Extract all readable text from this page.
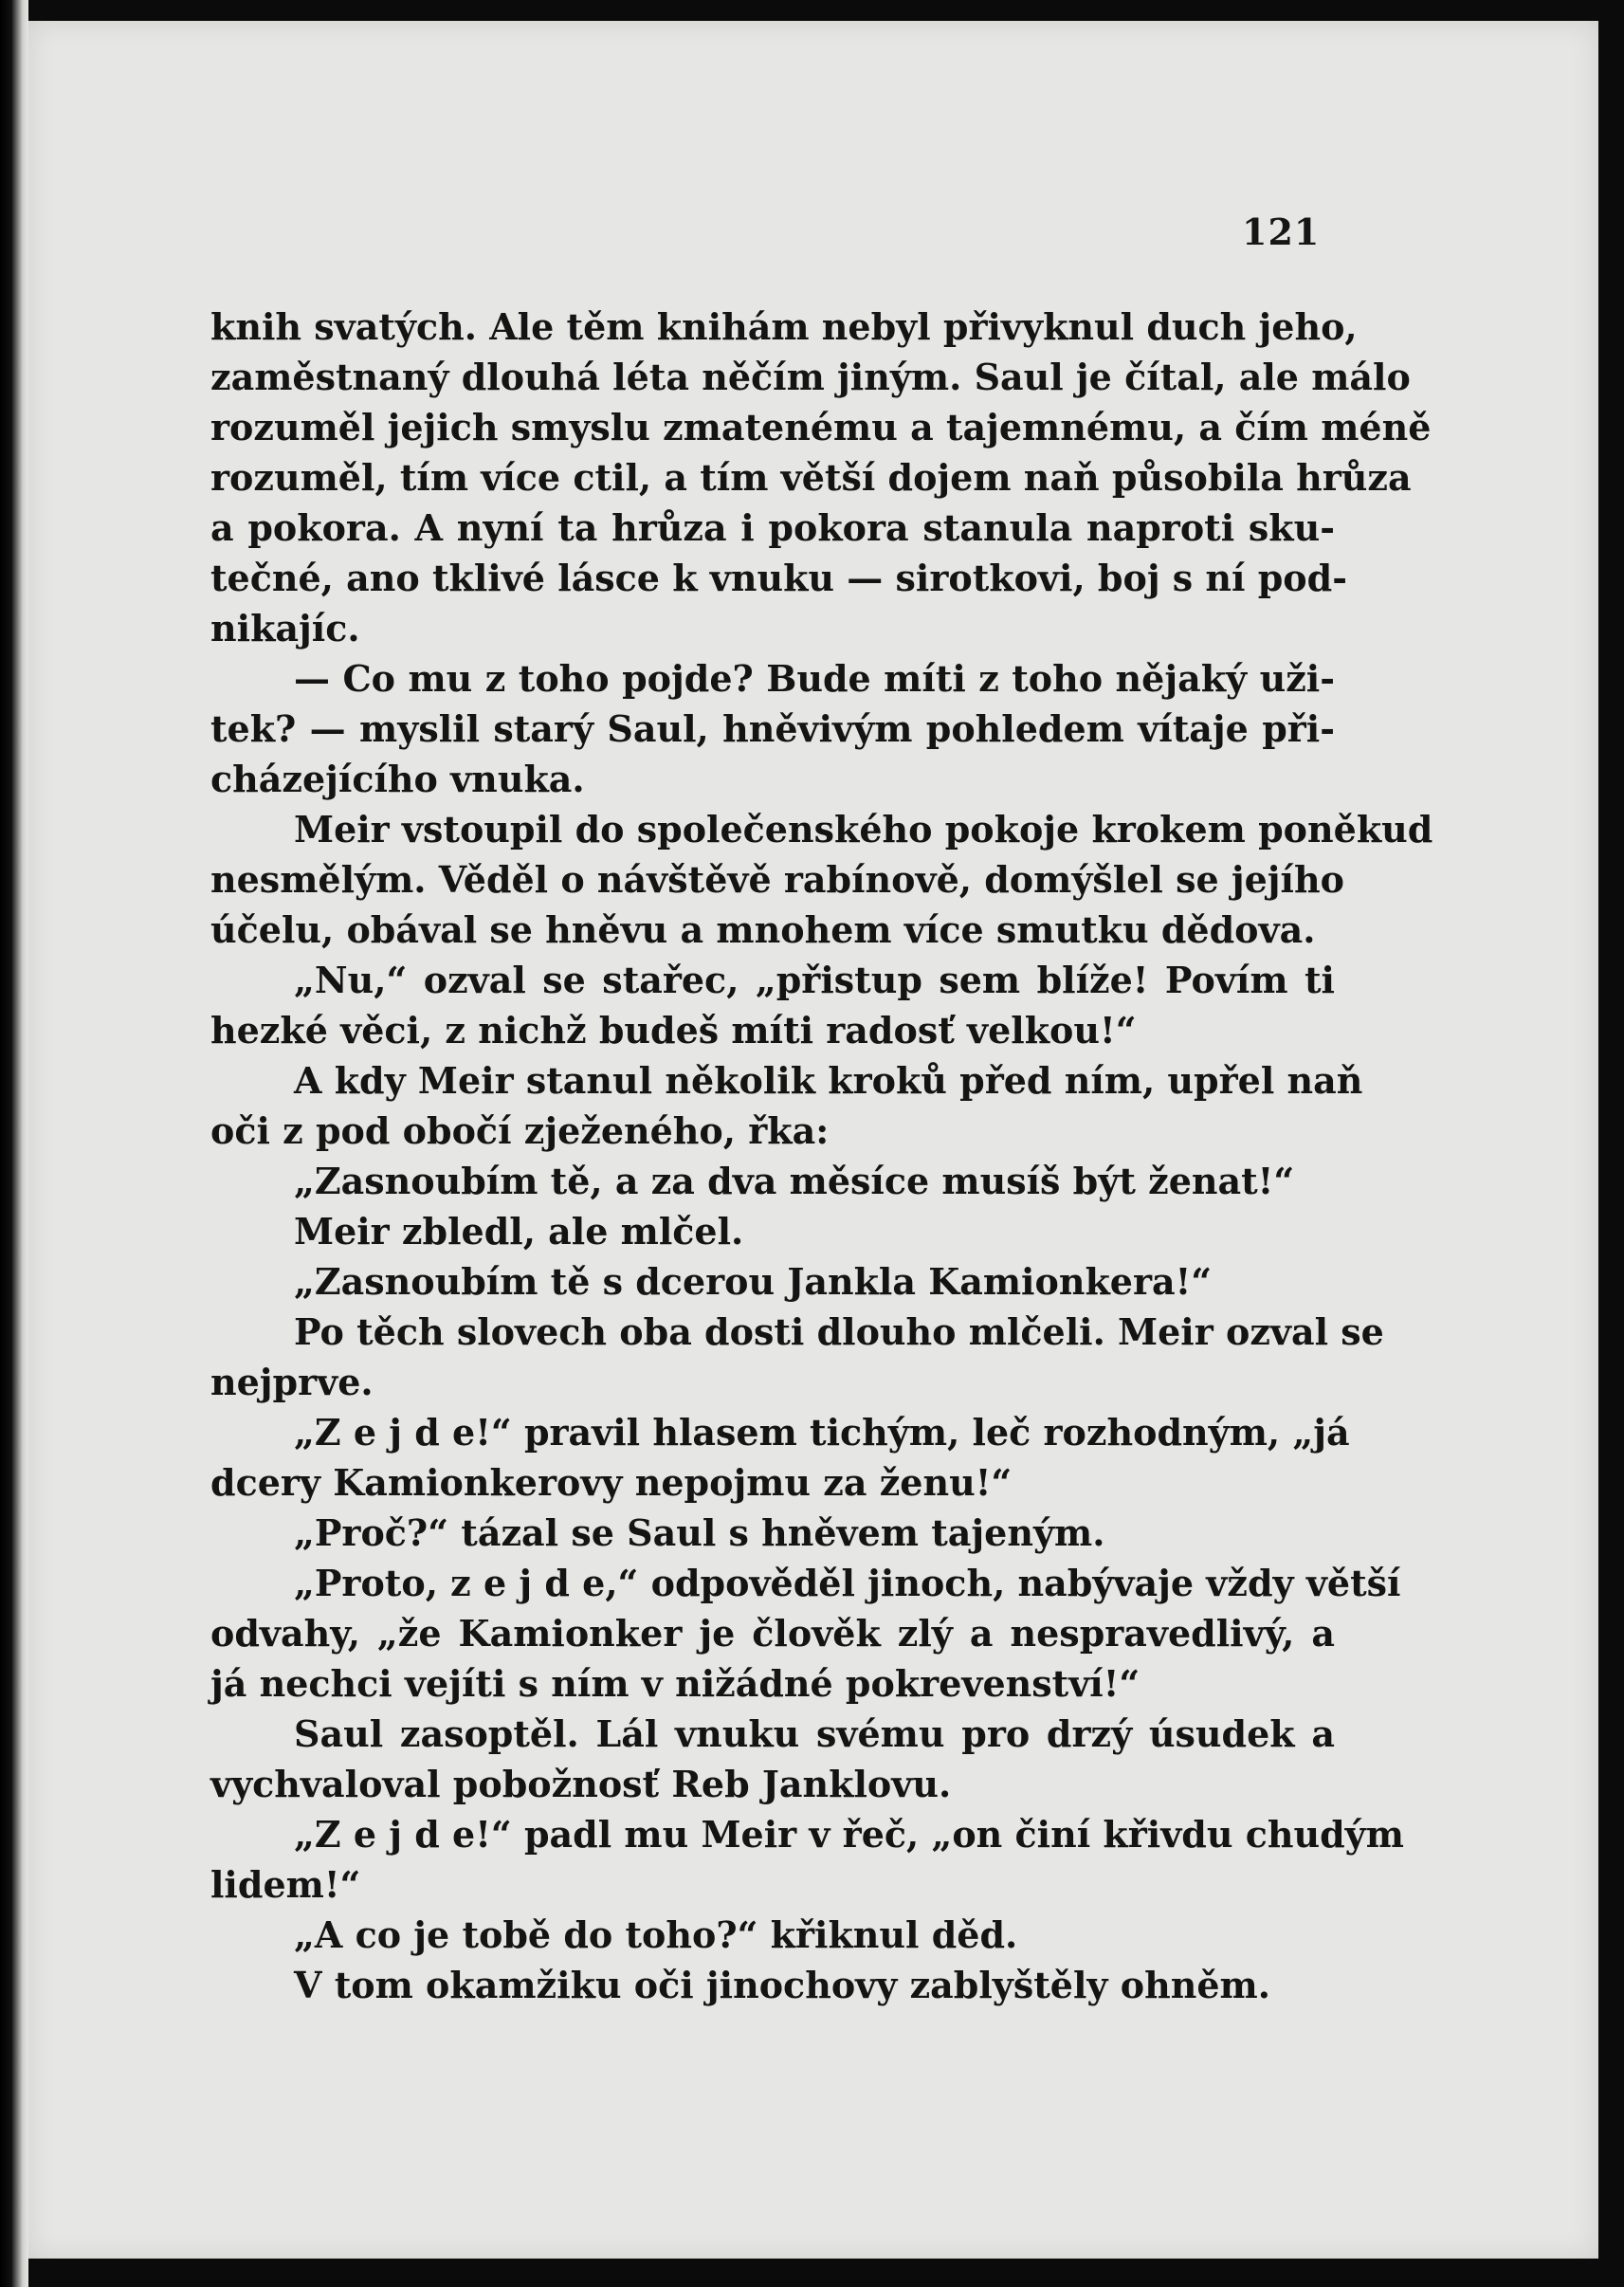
121
knih svatých. Ale těm knihám nebyl přivyknul duch jeho,
zaměstnaný dlouhá léta něčím jiným. Saul je čítal, ale málo
rozuměl jejich smyslu zmatenému a tajemnému, a čím méně
rozuměl, tím více ctil, a tím větší dojem naň působila hrůza
a pokora. A nyní ta hrůza i pokora stanula naproti sku-
tečné, ano tklivé lásce k vnuku — sirotkovi, boj s ní pod-
nikajíc.
— Co mu z toho pojde? Bude míti z toho nějaký uži-
tek? — myslil starý Saul, hněvivým pohledem vítaje při-
cházejícího vnuka.
Meir vstoupil do společenského pokoje krokem poněkud
nesmělým. Věděl o návštěvě rabínově, domýšlel se jejího
účelu, obával se hněvu a mnohem více smutku dědova.
„Nu,“ ozval se stařec, „přistup sem blíže! Povím ti
hezké věci, z nichž budeš míti radosť velkou!“
A kdy Meir stanul několik kroků před ním, upřel naň
oči z pod obočí zježeného, řka:
„Zasnoubím tě, a za dva měsíce musíš být ženat!“
Meir zbledl, ale mlčel.
„Zasnoubím tě s dcerou Jankla Kamionkera!“
Po těch slovech oba dosti dlouho mlčeli. Meir ozval se
nejprve.
„Z e j d e!“ pravil hlasem tichým, leč rozhodným, „já
dcery Kamionkerovy nepojmu za ženu!“
„Proč?“ tázal se Saul s hněvem tajeným.
„Proto, z e j d e,“ odpověděl jinoch, nabývaje vždy větší
odvahy, „že Kamionker je člověk zlý a nespravedlivý, a
já nechci vejíti s ním v nižádné pokrevenství!“
Saul zasoptěl. Lál vnuku svému pro drzý úsudek a
vychvaloval pobožnosť Reb Janklovu.
„Z e j d e!“ padl mu Meir v řeč, „on činí křivdu chudým
lidem!“
„A co je tobě do toho?“ křiknul děd.
V tom okamžiku oči jinochovy zablyštěly ohněm.
